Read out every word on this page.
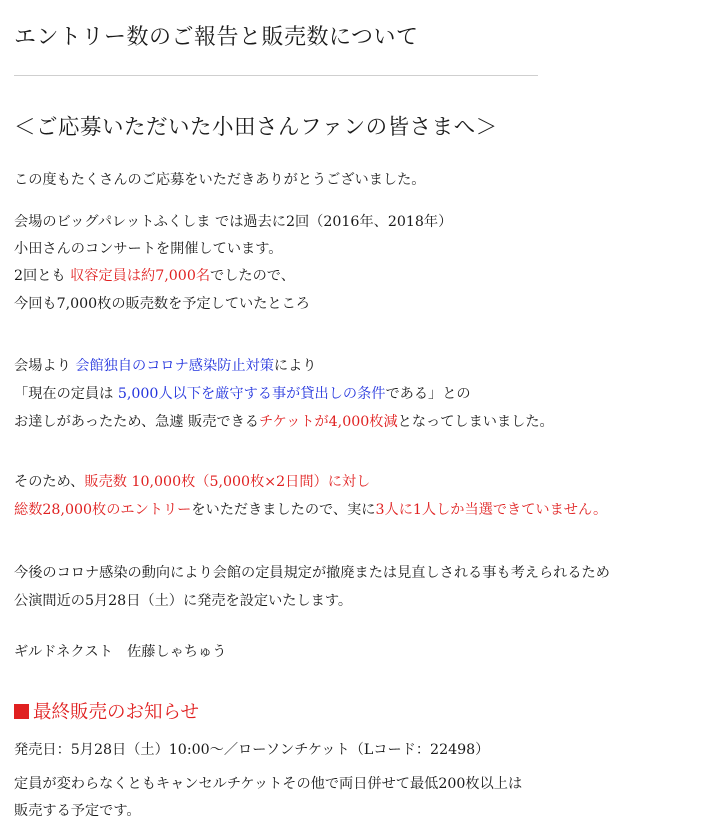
エントリー数のご報告と販売数について
＜ご応募いただいた小田さんファンの皆さまへ＞
この度もたくさんのご応募をいただきありがとうございました。
会場のビッグパレットふくしま では過去に2回（2016年、2018年）
小田さんのコンサートを開催しています。
2回とも 収容定員は約7,000名でしたので、
今回も7,000枚の販売数を予定していたところ
会場より 会館独自のコロナ感染防止対策により
「現在の定員は 5,000人以下を厳守する事が貸出しの条件である」との
お達しがあったため、急遽 販売できるチケットが4,000枚減となってしまいました。
そのため、販売数 10,000枚（5,000枚×2日間）に対し
総数28,000枚のエントリーをいただきましたので、実に3人に1人しか当選できていません。
今後のコロナ感染の動向により会館の定員規定が撤廃または見直しされる事も考えられるため
公演間近の5月28日（土）に発売を設定いたします。
ギルドネクスト　佐藤しゃちゅう
最終販売のお知らせ
発売日：5月28日（土）10:00〜／ローソンチケット（Lコード：22498）
定員が変わらなくともキャンセルチケットその他で両日併せて最低200枚以上は
販売する予定です。
